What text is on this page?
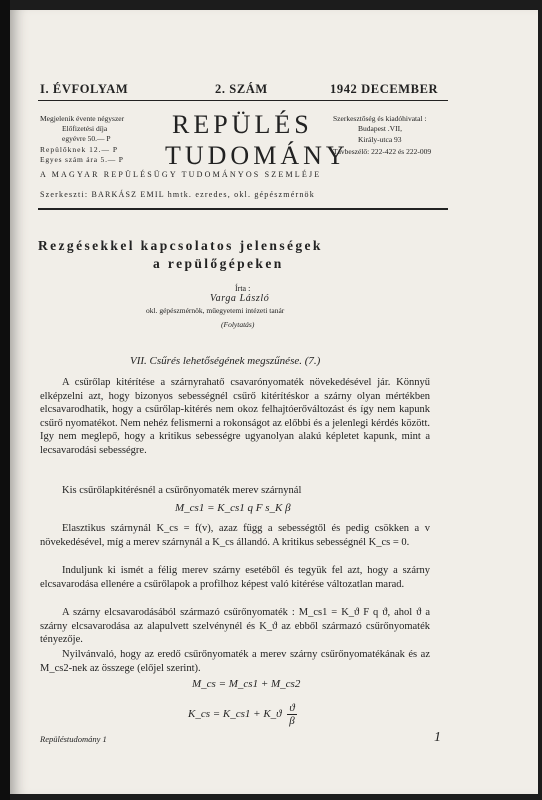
I. ÉVFOLYAM	2. SZÁM	1942 DECEMBER
Megjelenik évente négyszer
Előfizetési díja
egyévre 50.— P
Repülőknek 12.— P
Egyes szám ára 5.— P
REPÜLÉS
TUDOMÁNY
Szerkesztőség és kiadóhivatal :
Budapest .VII,
Király-utca 93
Távbeszélő: 222-422 és 222-009
A MAGYAR REPÜLÉSÜGY TUDOMÁNYOS SZEMLÉJE
Szerkeszti: BARKÁSZ EMIL hmtk. ezredes, okl. gépészmérnök
Rezgésekkel kapcsolatos jelenségek
a repülőgépeken
Írta :
Varga László
okl. gépészmérnök, műegyetemi intézeti tanár
(Folytatás)
VII. Csűrés lehetőségének megszűnése. (7.)
A csűrőlap kitérítése a szárnyrahatő csavarónyomaték növekedésével jár. Könnyű elképzelni azt, hogy bizonyos sebességnél csűrő kitérítéskor a szárny olyan mértékben elcsavarodhatik, hogy a csűrőlap-kitérés nem okoz felhajtóerőváltozást és így nem kapunk csűrő nyomatékot. Nem nehéz felismerni a rokonságot az előbbi és a jelenlegi kérdés között. Igy nem meglepő, hogy a kritikus sebességre ugyanolyan alakú képletet kapunk, mint a lecsavarodási sebességre.
Kis csűrőlapkitérésnél a csűrőnyomaték merev szárnynál
M_cs1 = K_cs1 q F s_K β
Elasztikus szárnynál K_cs = f(v), azaz függ a sebességtől és pedig csökken a v növekedésével, míg a merev szárnynál a K_cs állandó. A kritikus sebességnél K_cs = 0.
Induljunk ki ismét a félig merev szárny esetéből és tegyük fel azt, hogy a szárny elcsavarodása ellenére a csűrőlapok a profilhoz képest való kitérése változatlan marad.
A szárny elcsavarodásából származó csűrőnyomaték : M_cs1 = K_ϑ F q ϑ, ahol ϑ a szárny elcsavarodása az alapulvett szelvénynél és K_ϑ az ebből származó csűrőnyomaték tényezője.
Nyilvánvaló, hogy az eredő csűrőnyomaték a merev szárny csűrőnyomatékának és az M_cs2-nek az összege (előjel szerint).
M_cs = M_cs1 + M_cs2
K_cs = K_cs1 + K_ϑ $\frac{ϑ}{\beta}$
Repüléstudomány 1	1
